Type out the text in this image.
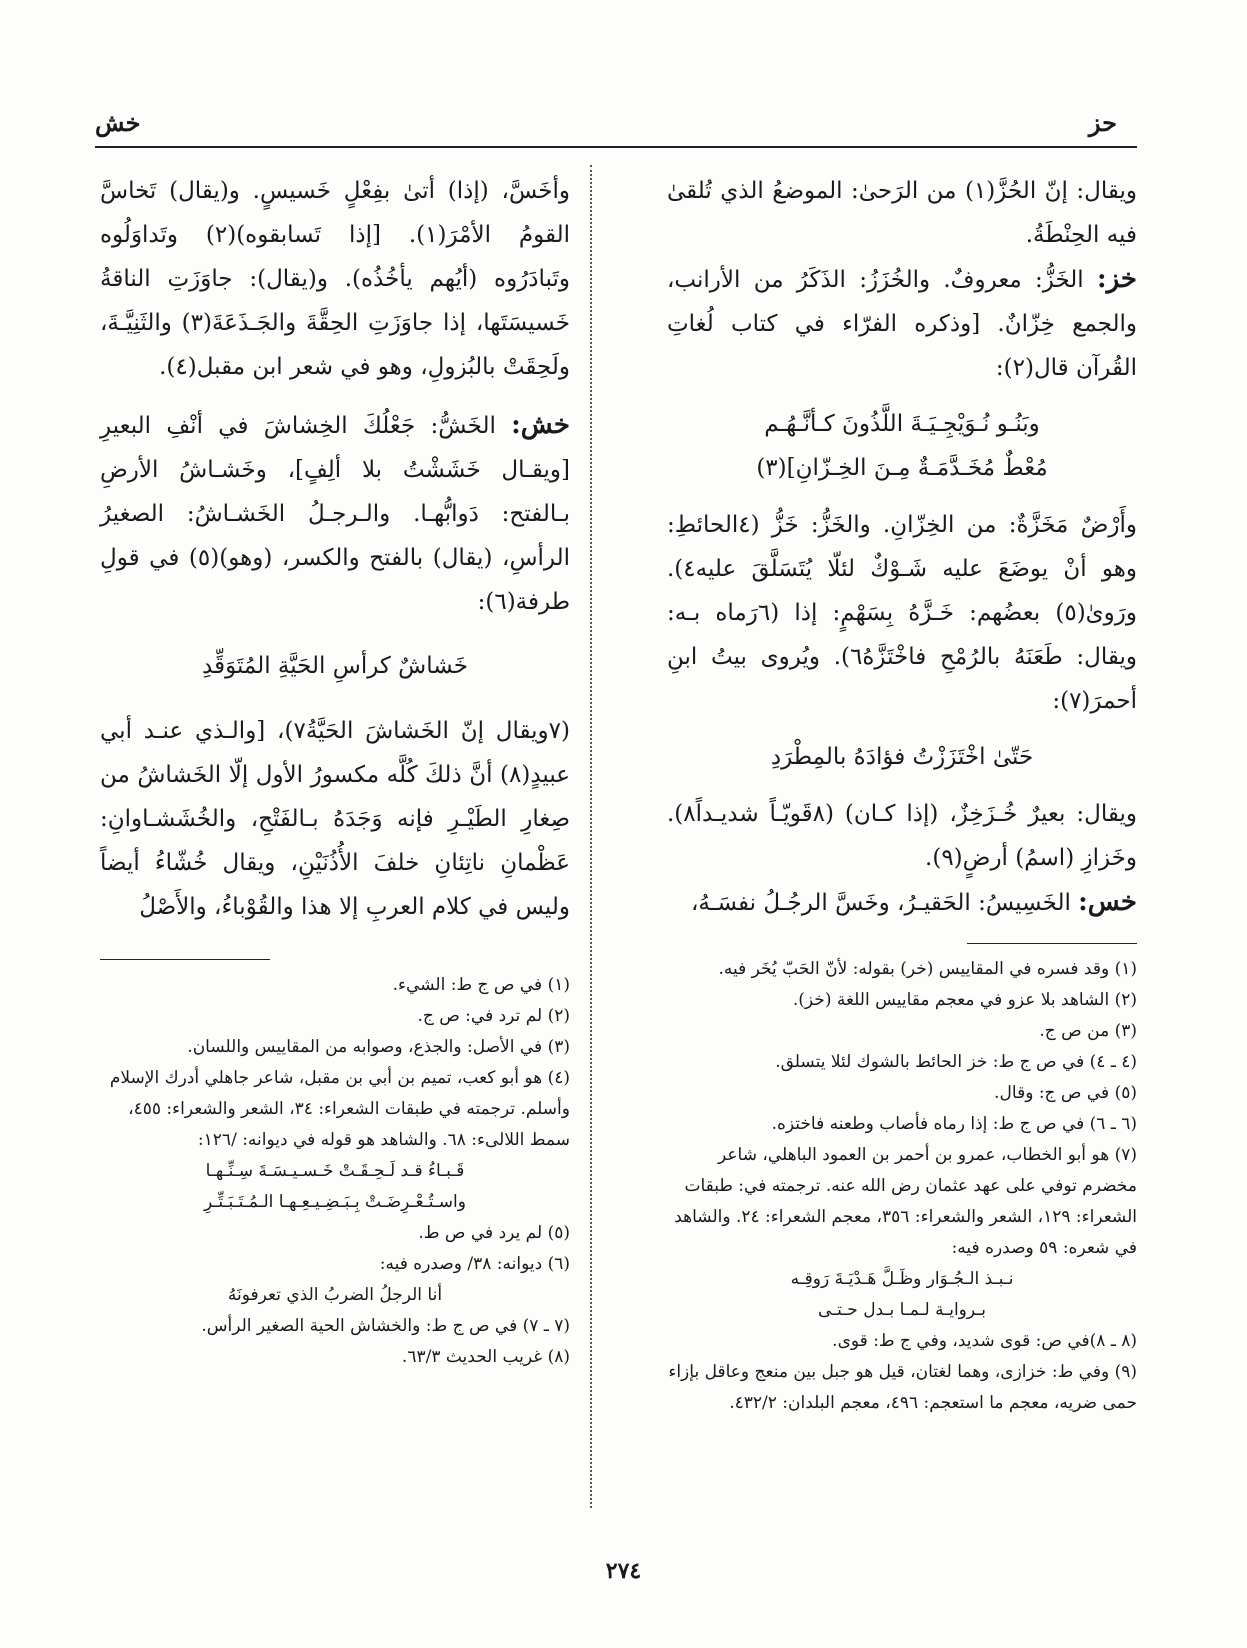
حز
خش

ويقال: إنّ الحُزَّ(١) من الرَحىٰ: الموضعُ الذي تُلقىٰ فيه الحِنْطَةُ.

خز: الخَزُّ: معروفٌ. والخُزَزُ: الذَكَرُ من الأرانب، والجمع خِزّانٌ. [وذكره الفرّاء في كتاب لُغاتِ القُرآن قال(٢):

وبَنُـو نُـوَيْجِـيَـةَ اللَّذُونَ كـأنَّـهُـم
مُعْطٌ مُخَـدَّمَـةٌ مِـنَ الخِـزّانِ](٣)

وأَرْضٌ مَخَزَّةٌ: من الخِزّانِ. والخَزُّ: خَزُّ (٤الحائطِ: وهو أنْ يوضَعَ عليه شَـوْكٌ لئلّا يُتَسَلَّقَ عليه٤). ورَوىٰ(٥) بعضُهم: خَـزَّهُ بِسَهْمٍ: إذا (٦رَماه بـه: ويقال: طَعَنَهُ بالرُمْحِ فاخْتَزَّهُ٦). ويُروى بيتُ ابنِ أحمرَ(٧):

حَتّىٰ اخْتَزَزْتُ فؤادَهُ بالمِطْرَدِ

ويقال: بعيرٌ خُـزَخِزٌ، (إذا كـان) (٨قَويّـاً شديـداً٨). وخَزازِ (اسمُ) أرضٍ(٩).

خس: الخَسِيسُ: الحَقيـرُ، وخَسَّ الرجُـلُ نفسَـهُ،

(١) وقد فسره في المقاييس (خر) بقوله: لأنّ الحَبّ يُخَر فيه.
(٢) الشاهد بلا عزو في معجم مقاييس اللغة (خز).
(٣) من ص ج.
(٤ ـ ٤) في ص ج ط: خز الحائط بالشوك لئلا يتسلق.
(٥) في ص ج: وقال.
(٦ ـ ٦) في ص ج ط: إذا رماه فأصاب وطعنه فاختزه.
(٧) هو أبو الخطاب، عمرو بن أحمر بن العمود الباهلي، شاعر مخضرم توفي على عهد عثمان رض الله عنه. ترجمته في: طبقات الشعراء: ١٢٩، الشعر والشعراء: ٣٥٦، معجم الشعراء: ٢٤. والشاهد في شعره: ٥٩ وصدره فيه:
نـبـذ الـجُـوَار وظَـلَّ هَـدْيَـةَ رَوقِـه
بـروايـة لـمـا بـدل حـتـى
(٨ ـ ٨)في ص: قوى شديد، وفي ج ط: قوى.
(٩) وفي ط: خزازى، وهما لغتان، قيل هو جبل بين منعج وعاقل بإزاء حمى ضريه، معجم ما استعجم: ٤٩٦، معجم البلدان: ٤٣٢/٢.

وأخَسَّ، (إذا) أتىٰ بفِعْلٍ خَسيسٍ. و(يقال) تَخاسَّ القومُ الأمْرَ(١). [إذا تَسابقوه)(٢) وتَداوَلُوه وتَبادَرُوه (أيُهم يأخُذُه). و(يقال): جاوَزَتِ الناقةُ خَسيسَتَها، إذا جاوَزَتِ الحِقَّةَ والجَـذَعَةَ(٣) والثَنِيَّـةَ، ولَحِقَتْ بالبُزولِ، وهو في شعر ابن مقبل(٤).

خش: الخَشُّ: جَعْلُكَ الخِشاشَ في أنْفِ البعيرِ [ويقـال خَشَشْتُ بلا ألِفٍ]، وخَشـاشُ الأرضِ بـالفتح: دَوابُّهـا. والـرجـلُ الخَشـاشُ: الصغيرُ الرأسِ، (يقال) بالفتح والكسر، (وهو)(٥) في قولِ طرفة(٦):

خَشاشٌ كرأسِ الحَيَّةِ المُتَوَقِّدِ

(٧ويقال إنّ الخَشاشَ الحَيَّةُ٧)، [والـذي عنـد أبي عبيدٍ(٨) أنَّ ذلكَ كُلَّه مكسورُ الأول إلّا الخَشاشُ من صِغارِ الطَيْـرِ فإنه وَجَدَهُ بـالفَتْحِ، والخُشَشـاوانِ: عَظْمانِ ناتِئانِ خلفَ الأُذُنَيْنِ، ويقال خُشّاءُ أيضاً وليس في كلام العربِ إلا هذا والقُوْباءُ، والأَصْلُ

(١) في ص ج ط: الشيء.
(٢) لم ترد في: ص ج.
(٣) في الأصل: والجذع، وصوابه من المقاييس واللسان.
(٤) هو أبو كعب، تميم بن أبي بن مقبل، شاعر جاهلي أدرك الإسلام وأسلم. ترجمته في طبقات الشعراء: ٣٤، الشعر والشعراء: ٤٥٥، سمط اللالىء: ٦٨. والشاهد هو قوله في ديوانه: /١٢٦:
قَـبـاءُ قـد لَـحِـقَـتْ خَـسـيـسَـةَ سِـنِّـهـا
واسـتُـعْـرِضَـتْ بِـبَـضِـيـعِـهـا الـمُـتَـبَـتِّـرِ
(٥) لم يرد في ص ط.
(٦) ديوانه: ٣٨/ وصدره فيه:
أنا الرجلُ الضربُ الذي تعرفونَهُ
(٧ ـ ٧) في ص ج ط: والخشاش الحية الصغير الرأس.
(٨) غريب الحديث ٦٣/٣.
٢٧٤
